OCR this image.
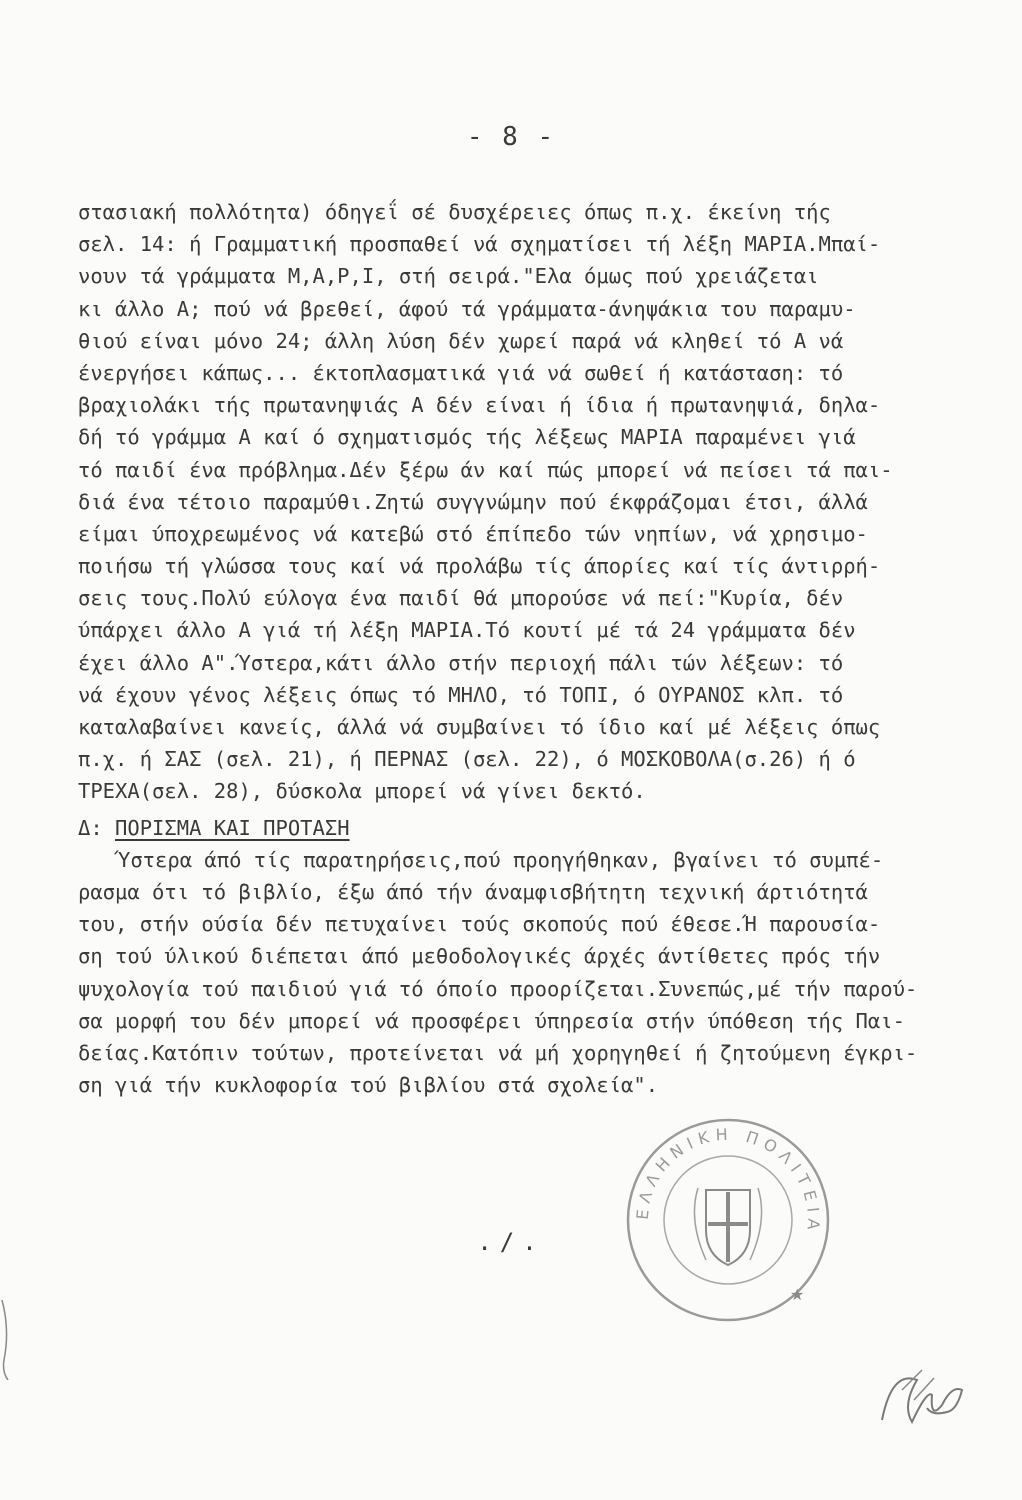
- 8 -
στασιακή πολλότητα) όδηγεΐ σέ δυσχέρειες όπως π.χ. έκείνη τής
σελ. 14: ή Γραμματική προσπαθεί νά σχηματίσει τή λέξη ΜΑΡΙΑ.Μπαί-
νουν τά γράμματα Μ,Α,Ρ,Ι, στή σειρά."Ελα όμως πού χρειάζεται
κι άλλο Α; πού νά βρεθεί, άφού τά γράμματα-άνηψάκια του παραμυ-
θιού είναι μόνο 24; άλλη λύση δέν χωρεί παρά νά κληθεί τό Α νά
ένεργήσει κάπως... έκτοπλασματικά γιά νά σωθεί ή κατάσταση: τό
βραχιολάκι τής πρωτανηψιάς Α δέν είναι ή ίδια ή πρωτανηψιά, δηλα-
δή τό γράμμα Α καί ό σχηματισμός τής λέξεως ΜΑΡΙΑ παραμένει γιά
τό παιδί ένα πρόβλημα.Δέν ξέρω άν καί πώς μπορεί νά πείσει τά παι-
διά ένα τέτοιο παραμύθι.Ζητώ συγγνώμην πού έκφράζομαι έτσι, άλλά
είμαι ύποχρεωμένος νά κατεβώ στό έπίπεδο τών νηπίων, νά χρησιμο-
ποιήσω τή γλώσσα τους καί νά προλάβω τίς άπορίες καί τίς άντιρρή-
σεις τους.Πολύ εύλογα ένα παιδί θά μπορούσε νά πεί:"Κυρία, δέν
ύπάρχει άλλο Α γιά τή λέξη ΜΑΡΙΑ.Τό κουτί μέ τά 24 γράμματα δέν
έχει άλλο Α".Ύστερα,κάτι άλλο στήν περιοχή πάλι τών λέξεων: τό
νά έχουν γένος λέξεις όπως τό ΜΗΛΟ, τό ΤΟΠΙ, ό ΟΥΡΑΝΟΣ κλπ. τό
καταλαβαίνει κανείς, άλλά νά συμβαίνει τό ίδιο καί μέ λέξεις όπως
π.χ. ή ΣΑΣ (σελ. 21), ή ΠΕΡΝΑΣ (σελ. 22), ό ΜΟΣΚΟΒΟΛΑ(σ.26) ή ό
ΤΡΕΧΑ(σελ. 28), δύσκολα μπορεί νά γίνει δεκτό.
Δ: ΠΟΡΙΣΜΑ ΚΑΙ ΠΡΟΤΑΣΗ
Ύστερα άπό τίς παρατηρήσεις,πού προηγήθηκαν, βγαίνει τό συμπέ-
ρασμα ότι τό βιβλίο, έξω άπό τήν άναμφισβήτητη τεχνική άρτιότητά
του, στήν ούσία δέν πετυχαίνει τούς σκοπούς πού έθεσε.Ή παρουσία-
ση τού ύλικού διέπεται άπό μεθοδολογικές άρχές άντίθετες πρός τήν
ψυχολογία τού παιδιού γιά τό όποίο προορίζεται.Συνεπώς,μέ τήν παρού-
σα μορφή του δέν μπορεί νά προσφέρει ύπηρεσία στήν ύπόθεση τής Παι-
δείας.Κατόπιν τούτων, προτείνεται νά μή χορηγηθεί ή ζητούμενη έγκρι-
ση γιά τήν κυκλοφορία τού βιβλίου στά σχολεία".
ΕΛΛΗΝΙΚΗ ΠΟΛΙΤΕΙΑ
★
./.
